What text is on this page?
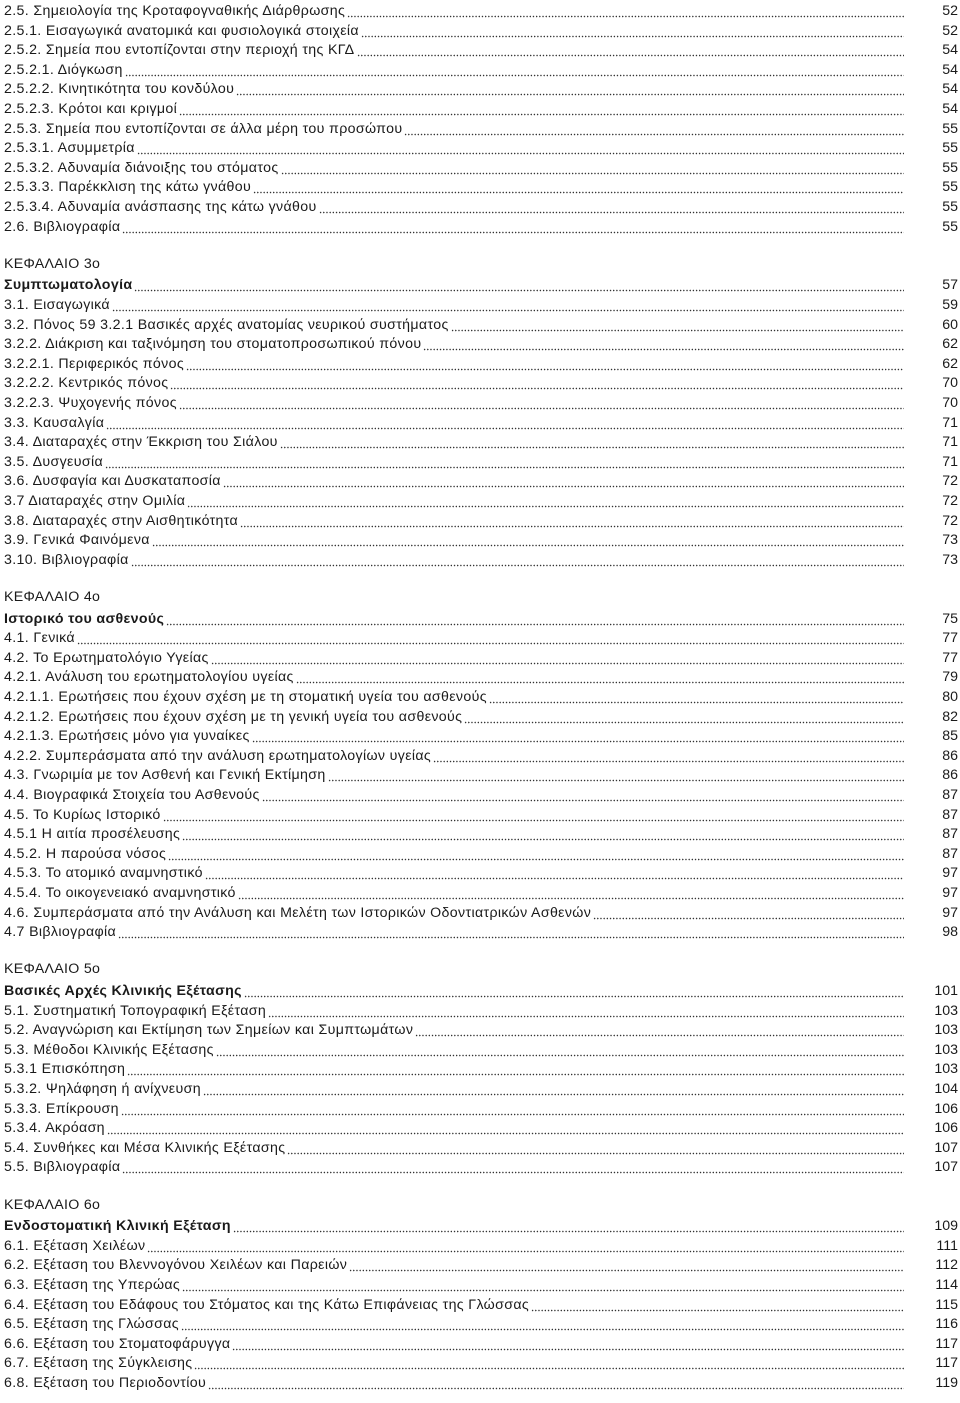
2.5. Σημειολογία της Κροταφογναθικής Διάρθρωσης	52
2.5.1. Εισαγωγικά ανατομικά και φυσιολογικά στοιχεία	52
2.5.2. Σημεία που εντοπίζονται στην περιοχή της ΚΓΔ	54
2.5.2.1. Διόγκωση	54
2.5.2.2. Κινητικότητα του κονδύλου	54
2.5.2.3. Κρότοι και κριγμοί	54
2.5.3. Σημεία που εντοπίζονται σε άλλα μέρη του προσώπου	55
2.5.3.1. Ασυμμετρία	55
2.5.3.2. Αδυναμία διάνοιξης του στόματος	55
2.5.3.3. Παρέκκλιση της κάτω γνάθου	55
2.5.3.4. Αδυναμία ανάσπασης της κάτω γνάθου	55
2.6. Βιβλιογραφία	55
ΚΕΦΑΛΑΙΟ 3ο
Συμπτωματολογία	57
3.1. Εισαγωγικά	59
3.2. Πόνος 59 3.2.1 Βασικές αρχές ανατομίας νευρικού συστήματος	60
3.2.2. Διάκριση και ταξινόμηση του στοματοπροσωπικού πόνου	62
3.2.2.1. Περιφερικός πόνος	62
3.2.2.2. Κεντρικός πόνος	70
3.2.2.3. Ψυχογενής πόνος	70
3.3. Καυσαλγία	71
3.4. Διαταραχές στην Έκκριση του Σιάλου	71
3.5. Δυσγευσία	71
3.6. Δυσφαγία και Δυσκαταποσία	72
3.7 Διαταραχές στην Ομιλία	72
3.8. Διαταραχές στην Αισθητικότητα	72
3.9. Γενικά Φαινόμενα	73
3.10. Βιβλιογραφία	73
ΚΕΦΑΛΑΙΟ 4ο
Ιστορικό του ασθενούς	75
4.1. Γενικά	77
4.2. Το Ερωτηματολόγιο Υγείας	77
4.2.1. Ανάλυση του ερωτηματολογίου υγείας	79
4.2.1.1. Ερωτήσεις που έχουν σχέση με τη στοματική υγεία του ασθενούς	80
4.2.1.2. Ερωτήσεις που έχουν σχέση με τη γενική υγεία του ασθενούς	82
4.2.1.3. Ερωτήσεις μόνο για γυναίκες	85
4.2.2. Συμπεράσματα από την ανάλυση ερωτηματολογίων υγείας	86
4.3. Γνωριμία με τον Ασθενή και Γενική Εκτίμηση	86
4.4. Βιογραφικά Στοιχεία του Ασθενούς	87
4.5. Το Κυρίως Ιστορικό	87
4.5.1 Η αιτία προσέλευσης	87
4.5.2. Η παρούσα νόσος	87
4.5.3. Το ατομικό αναμνηστικό	97
4.5.4. Το οικογενειακό αναμνηστικό	97
4.6. Συμπεράσματα από την Ανάλυση και Μελέτη των Ιστορικών Οδοντιατρικών Ασθενών	97
4.7 Βιβλιογραφία	98
ΚΕΦΑΛΑΙΟ 5ο
Βασικές Αρχές Κλινικής Εξέτασης	101
5.1. Συστηματική Τοπογραφική Εξέταση	103
5.2. Αναγνώριση και Εκτίμηση των Σημείων και Συμπτωμάτων	103
5.3. Μέθοδοι Κλινικής Εξέτασης	103
5.3.1 Επισκόπηση	103
5.3.2. Ψηλάφηση ή ανίχνευση	104
5.3.3. Επίκρουση	106
5.3.4. Ακρόαση	106
5.4. Συνθήκες και Μέσα Κλινικής Εξέτασης	107
5.5. Βιβλιογραφία	107
ΚΕΦΑΛΑΙΟ 6ο
Ενδοστοματική Κλινική Εξέταση	109
6.1. Εξέταση Χειλέων	111
6.2. Εξέταση του Βλεννογόνου Χειλέων και Παρειών	112
6.3. Εξέταση της Υπερώας	114
6.4. Εξέταση του Εδάφους του Στόματος και της Κάτω Επιφάνειας της Γλώσσας	115
6.5. Εξέταση της Γλώσσας	116
6.6. Εξέταση του Στοματοφάρυγγα	117
6.7. Εξέταση της Σύγκλεισης	117
6.8. Εξέταση του Περιοδοντίου	119
